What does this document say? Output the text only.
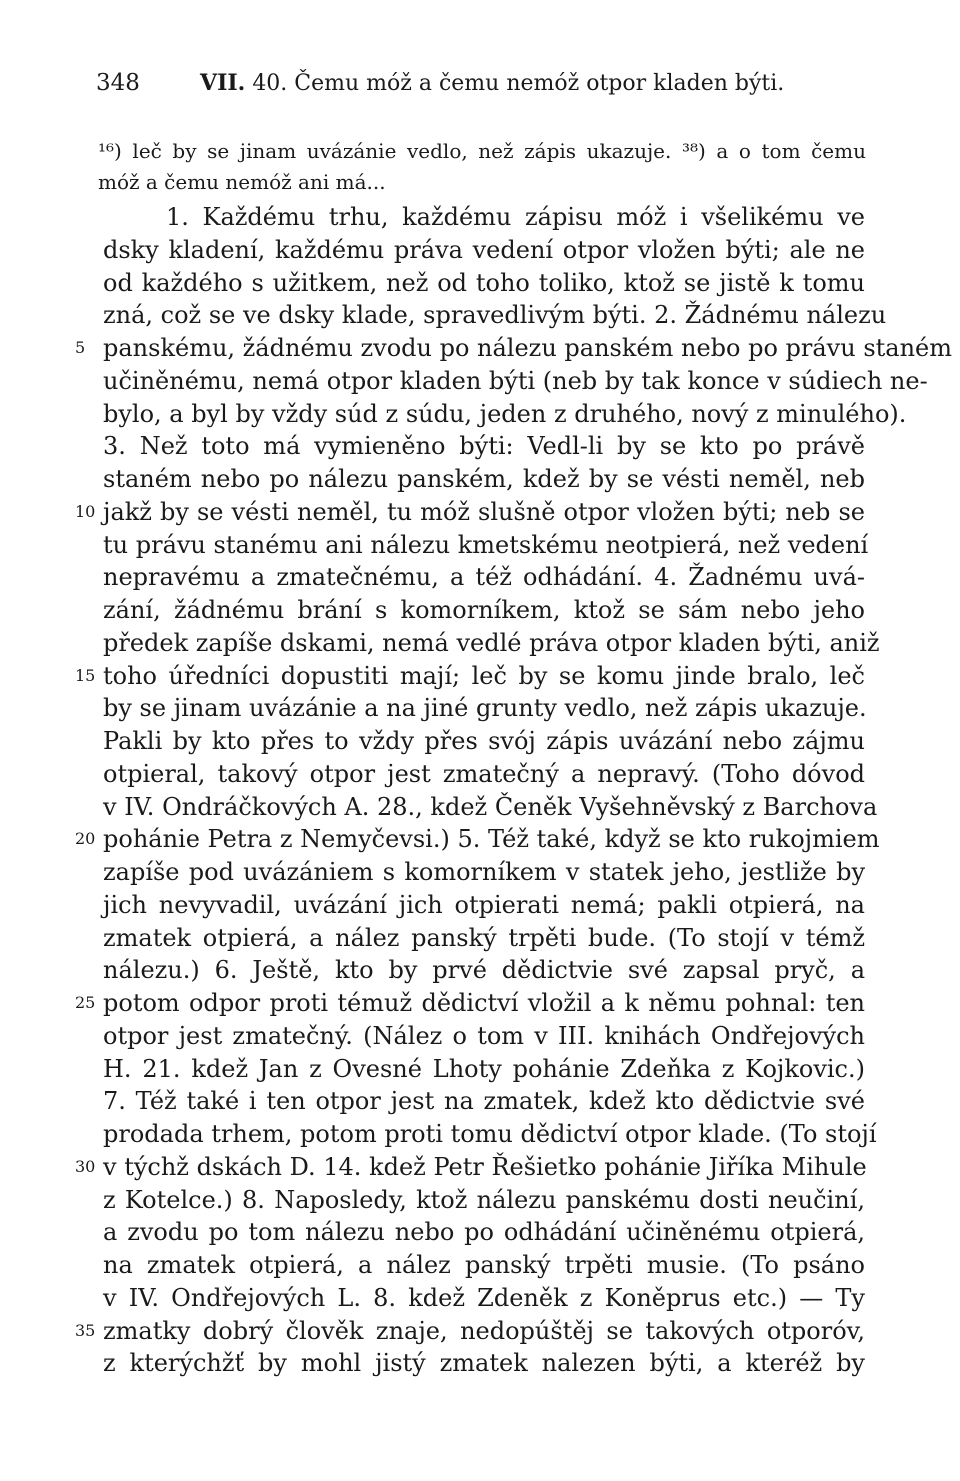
348	VII. 40. Čemu móž a čemu nemóž otpor kladen býti.
¹⁶) leč by se jinam uvázánie vedlo, než zápis ukazuje. ³⁸) a o tom čemu
móž a čemu nemóž ani má...
1. Každému trhu, každému zápisu móž i všelikému ve
dsky kladení, každému práva vedení otpor vložen býti; ale ne
od každého s užitkem, než od toho toliko, ktož se jistě k tomu
zná, což se ve dsky klade, spravedlivým býti. 2. Žádnému nálezu
5 panskému, žádnému zvodu po nálezu panském nebo po právu staném
učiněnému, nemá otpor kladen býti (neb by tak konce v súdiech ne-
bylo, a byl by vždy súd z súdu, jeden z druhého, nový z minulého).
3. Než toto má vymieněno býti: Vedl-li by se kto po právě
staném nebo po nálezu panském, kdež by se vésti neměl, neb
10 jakž by se vésti neměl, tu móž slušně otpor vložen býti; neb se
tu právu stanému ani nálezu kmetskému neotpierá, než vedení
nepravému a zmatečnému, a též odhádání. 4. Žadnému uvá-
zání, žádnému brání s komorníkem, ktož se sám nebo jeho
předek zapíše dskami, nemá vedlé práva otpor kladen býti, aniž
15 toho úředníci dopustiti mají; leč by se komu jinde bralo, leč
by se jinam uvázánie a na jiné grunty vedlo, než zápis ukazuje.
Pakli by kto přes to vždy přes svój zápis uvázání nebo zájmu
otpieral, takový otpor jest zmatečný a nepravý. (Toho dóvod
v IV. Ondráčkových A. 28., kdež Čeněk Vyšehněvský z Barchova
20 pohánie Petra z Nemyčevsi.) 5. Též také, když se kto rukojmiem
zapíše pod uvázániem s komorníkem v statek jeho, jestliže by
jich nevyvadil, uvázání jich otpierati nemá; pakli otpierá, na
zmatek otpierá, a nález panský trpěti bude. (To stojí v témž
nálezu.) 6. Ještě, kto by prvé dědictvie své zapsal pryč, a
25 potom odpor proti témuž dědictví vložil a k němu pohnal: ten
otpor jest zmatečný. (Nález o tom v III. knihách Ondřejových
H. 21. kdež Jan z Ovesné Lhoty pohánie Zdeňka z Kojkovic.)
7. Též také i ten otpor jest na zmatek, kdež kto dědictvie své
prodada trhem, potom proti tomu dědictví otpor klade. (To stojí
30 v týchž dskách D. 14. kdež Petr Řešietko pohánie Jiříka Mihule
z Kotelce.) 8. Naposledy, ktož nálezu panskému dosti neučiní,
a zvodu po tom nálezu nebo po odhádání učiněnému otpierá,
na zmatek otpierá, a nález panský trpěti musie. (To psáno
v IV. Ondřejových L. 8. kdež Zdeněk z Koněprus etc.) — Ty
35 zmatky dobrý člověk znaje, nedopúštěj se takových otporóv,
z kterýchžť by mohl jistý zmatek nalezen býti, a kteréž by
